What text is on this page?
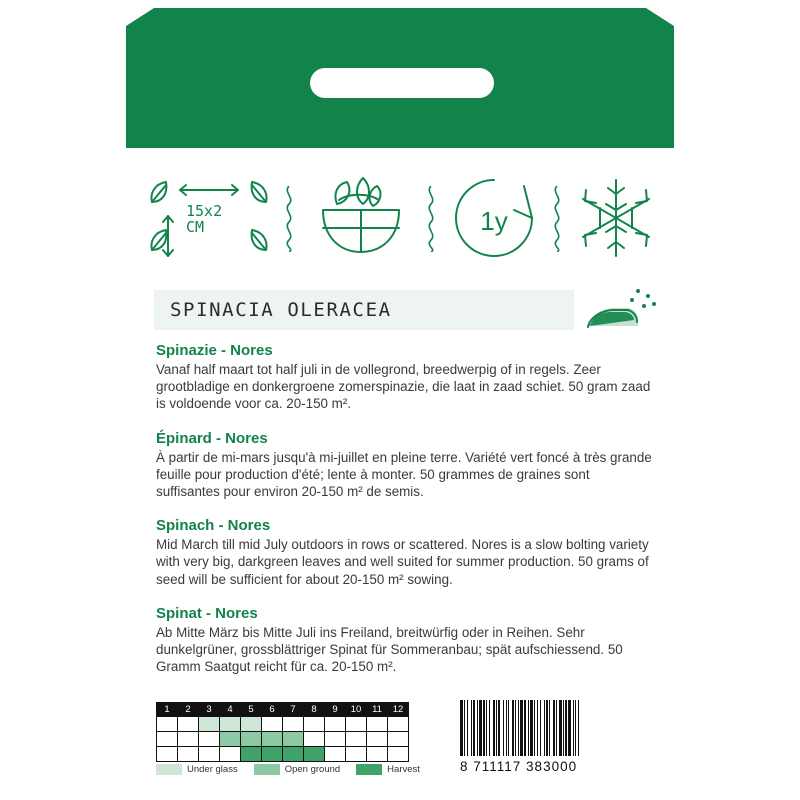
15x2
CM	1y
SPINACIA OLERACEA
Spinazie - Nores

Vanaf half maart tot half juli in de vollegrond, breedwerpig of in regels. Zeer grootbladige en donkergroene zomerspinazie, die laat in zaad schiet. 50 gram zaad is voldoende voor ca. 20-150 m².

Épinard - Nores

À partir de mi-mars jusqu'à mi-juillet en pleine terre. Variété vert foncé à très grande feuille pour production d'été; lente à monter. 50 grammes de graines sont suffisantes pour environ 20-150 m² de semis.

Spinach - Nores

Mid March till mid July outdoors in rows or scattered. Nores is a slow bolting variety with very big, darkgreen leaves and well suited for summer production. 50 grams of seed will be sufficient for about 20-150 m² sowing.

Spinat - Nores

Ab Mitte März bis Mitte Juli ins Freiland, breitwürfig oder in Reihen. Sehr dunkelgrüner, grossblättriger Spinat für Sommeranbau; spät aufschiessend. 50 Gramm Saatgut reicht für ca. 20-150 m².

1	2	3	4	5	6	7	8	9	10	11	12

Under glass	Open ground	Harvest	8 711117 383000
